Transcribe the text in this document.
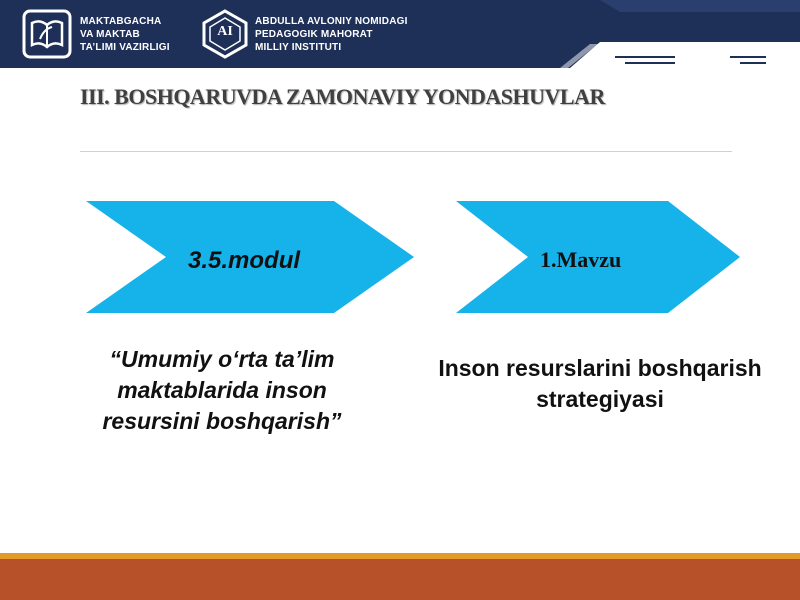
MAKTABGACHA
VA MAKTAB
TA’LIMI VAZIRLIGI
AI
ABDULLA AVLONIY NOMIDAGI
PEDAGOGIK MAHORAT
MILLIY INSTITUTI
III. BOSHQARUVDA ZAMONAVIY YONDASHUVLAR
3.5.modul	1.Mavzu
“Umumiy o‘rta ta’lim maktablarida inson resursini boshqarish”
Inson resurslarini boshqarish strategiyasi
